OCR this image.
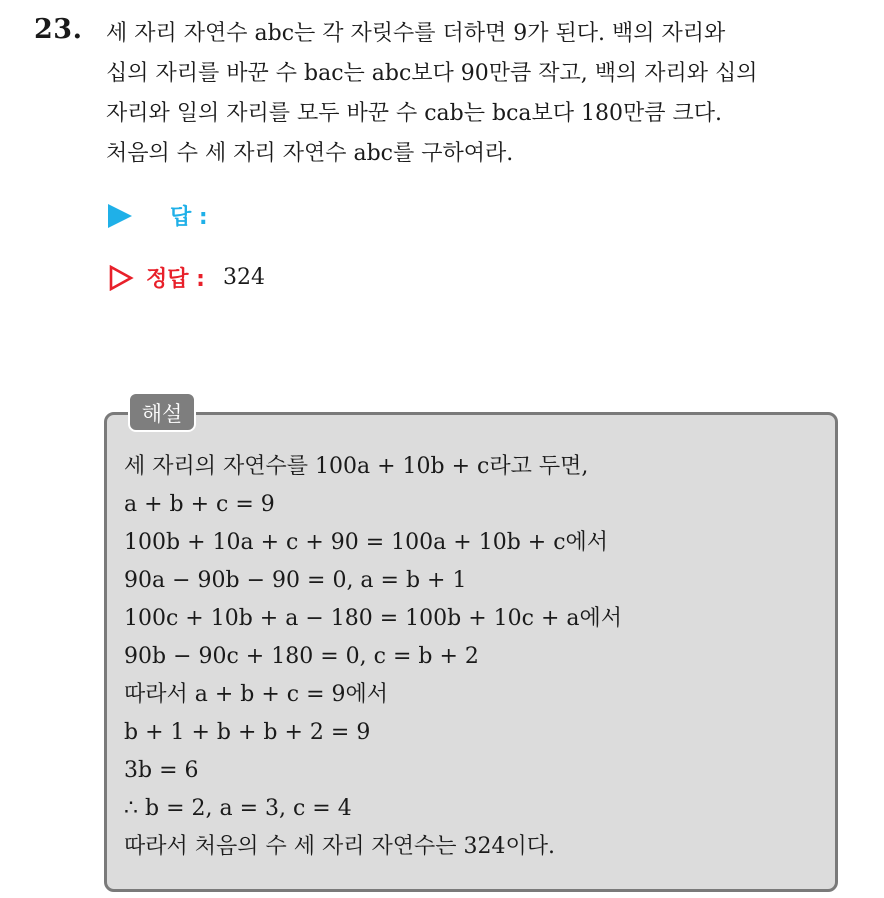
23. 세 자리 자연수 abc는 각 자릿수를 더하면 9가 된다. 백의 자리와
십의 자리를 바꾼 수 bac는 abc보다 90만큼 작고, 백의 자리와 십의
자리와 일의 자리를 모두 바꾼 수 cab는 bca보다 180만큼 크다.
처음의 수 세 자리 자연수 abc를 구하여라.
답 :
정답 : 324
해설
세 자리의 자연수를 100a + 10b + c라고 두면,
a + b + c = 9
100b + 10a + c + 90 = 100a + 10b + c에서
90a − 90b − 90 = 0, a = b + 1
100c + 10b + a − 180 = 100b + 10c + a에서
90b − 90c + 180 = 0, c = b + 2
따라서 a + b + c = 9에서
b + 1 + b + b + 2 = 9
3b = 6
∴ b = 2, a = 3, c = 4
따라서 처음의 수 세 자리 자연수는 324이다.
